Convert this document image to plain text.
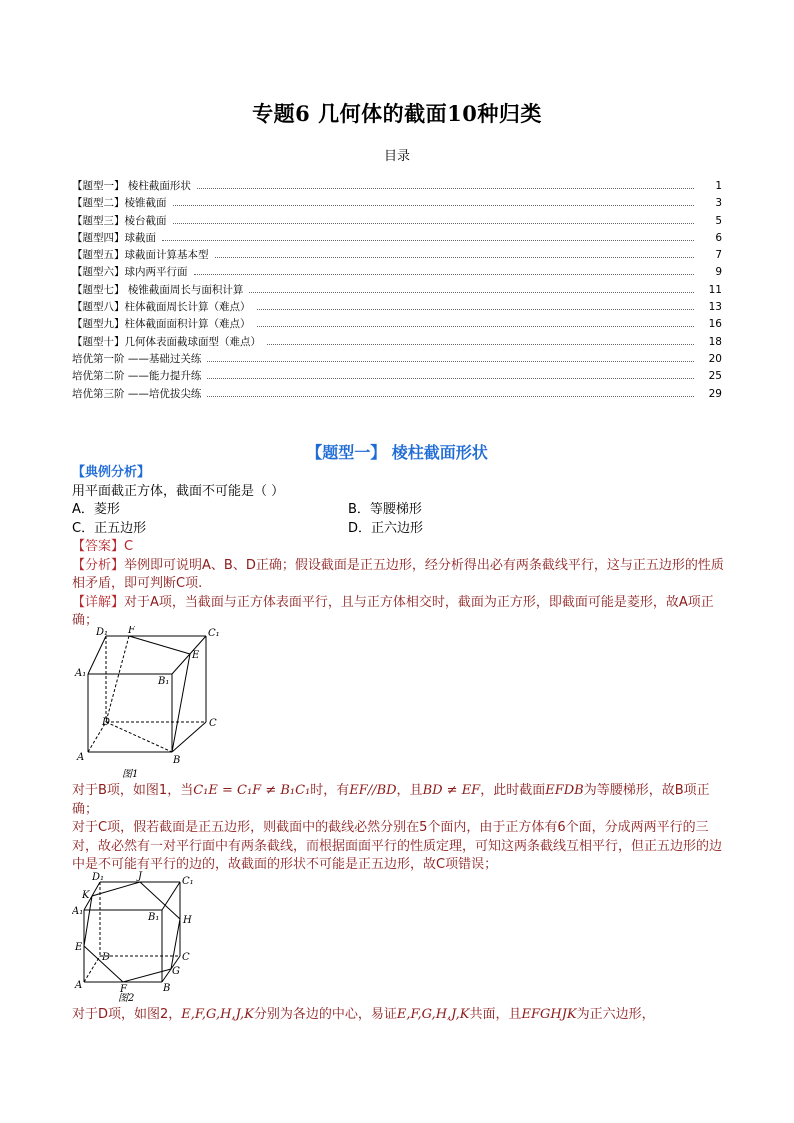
专题6 几何体的截面10种归类
目录
【题型一】 棱柱截面形状	1
【题型二】棱锥截面	3
【题型三】棱台截面	5
【题型四】球截面	6
【题型五】球截面计算基本型	7
【题型六】球内两平行面	9
【题型七】 棱锥截面周长与面积计算	11
【题型八】柱体截面周长计算（难点）	13
【题型九】柱体截面面积计算（难点）	16
【题型十】几何体表面截球面型（难点）	18
培优第一阶 ——基础过关练	20
培优第二阶 ——能力提升练	25
培优第三阶 ——培优拔尖练	29
【题型一】 棱柱截面形状
【典例分析】
用平面截正方体，截面不可能是（ ）
A．菱形	B．等腰梯形
C．正五边形	D．正六边形
【答案】C
【分析】举例即可说明A、B、D正确；假设截面是正五边形，经分析得出必有两条截线平行，这与正五边形的性质相矛盾，即可判断C项.
【详解】对于A项，当截面与正方体表面平行，且与正方体相交时，截面为正方形，即截面可能是菱形，故A项正确；
D₁ F	C₁
E
A₁
B₁
D	C
A	B
图1
对于B项，如图1，当C₁E = C₁F ≠ B₁C₁时，有EF//BD，且BD ≠ EF，此时截面EFDB为等腰梯形，故B项正确；
对于C项，假若截面是正五边形，则截面中的截线必然分别在5个面内，由于正方体有6个面，分成两两平行的三对，故必然有一对平行面中有两条截线，而根据面面平行的性质定理，可知这两条截线互相平行，但正五边形的边中是不可能有平行的边的，故截面的形状不可能是正五边形，故C项错误；
D₁	J	C₁
K
A₁
B₁ H
E
D	C
G
A	F	B
图2
对于D项，如图2，E,F,G,H,J,K分别为各边的中心，易证E,F,G,H,J,K共面，且EFGHJK为正六边形，
